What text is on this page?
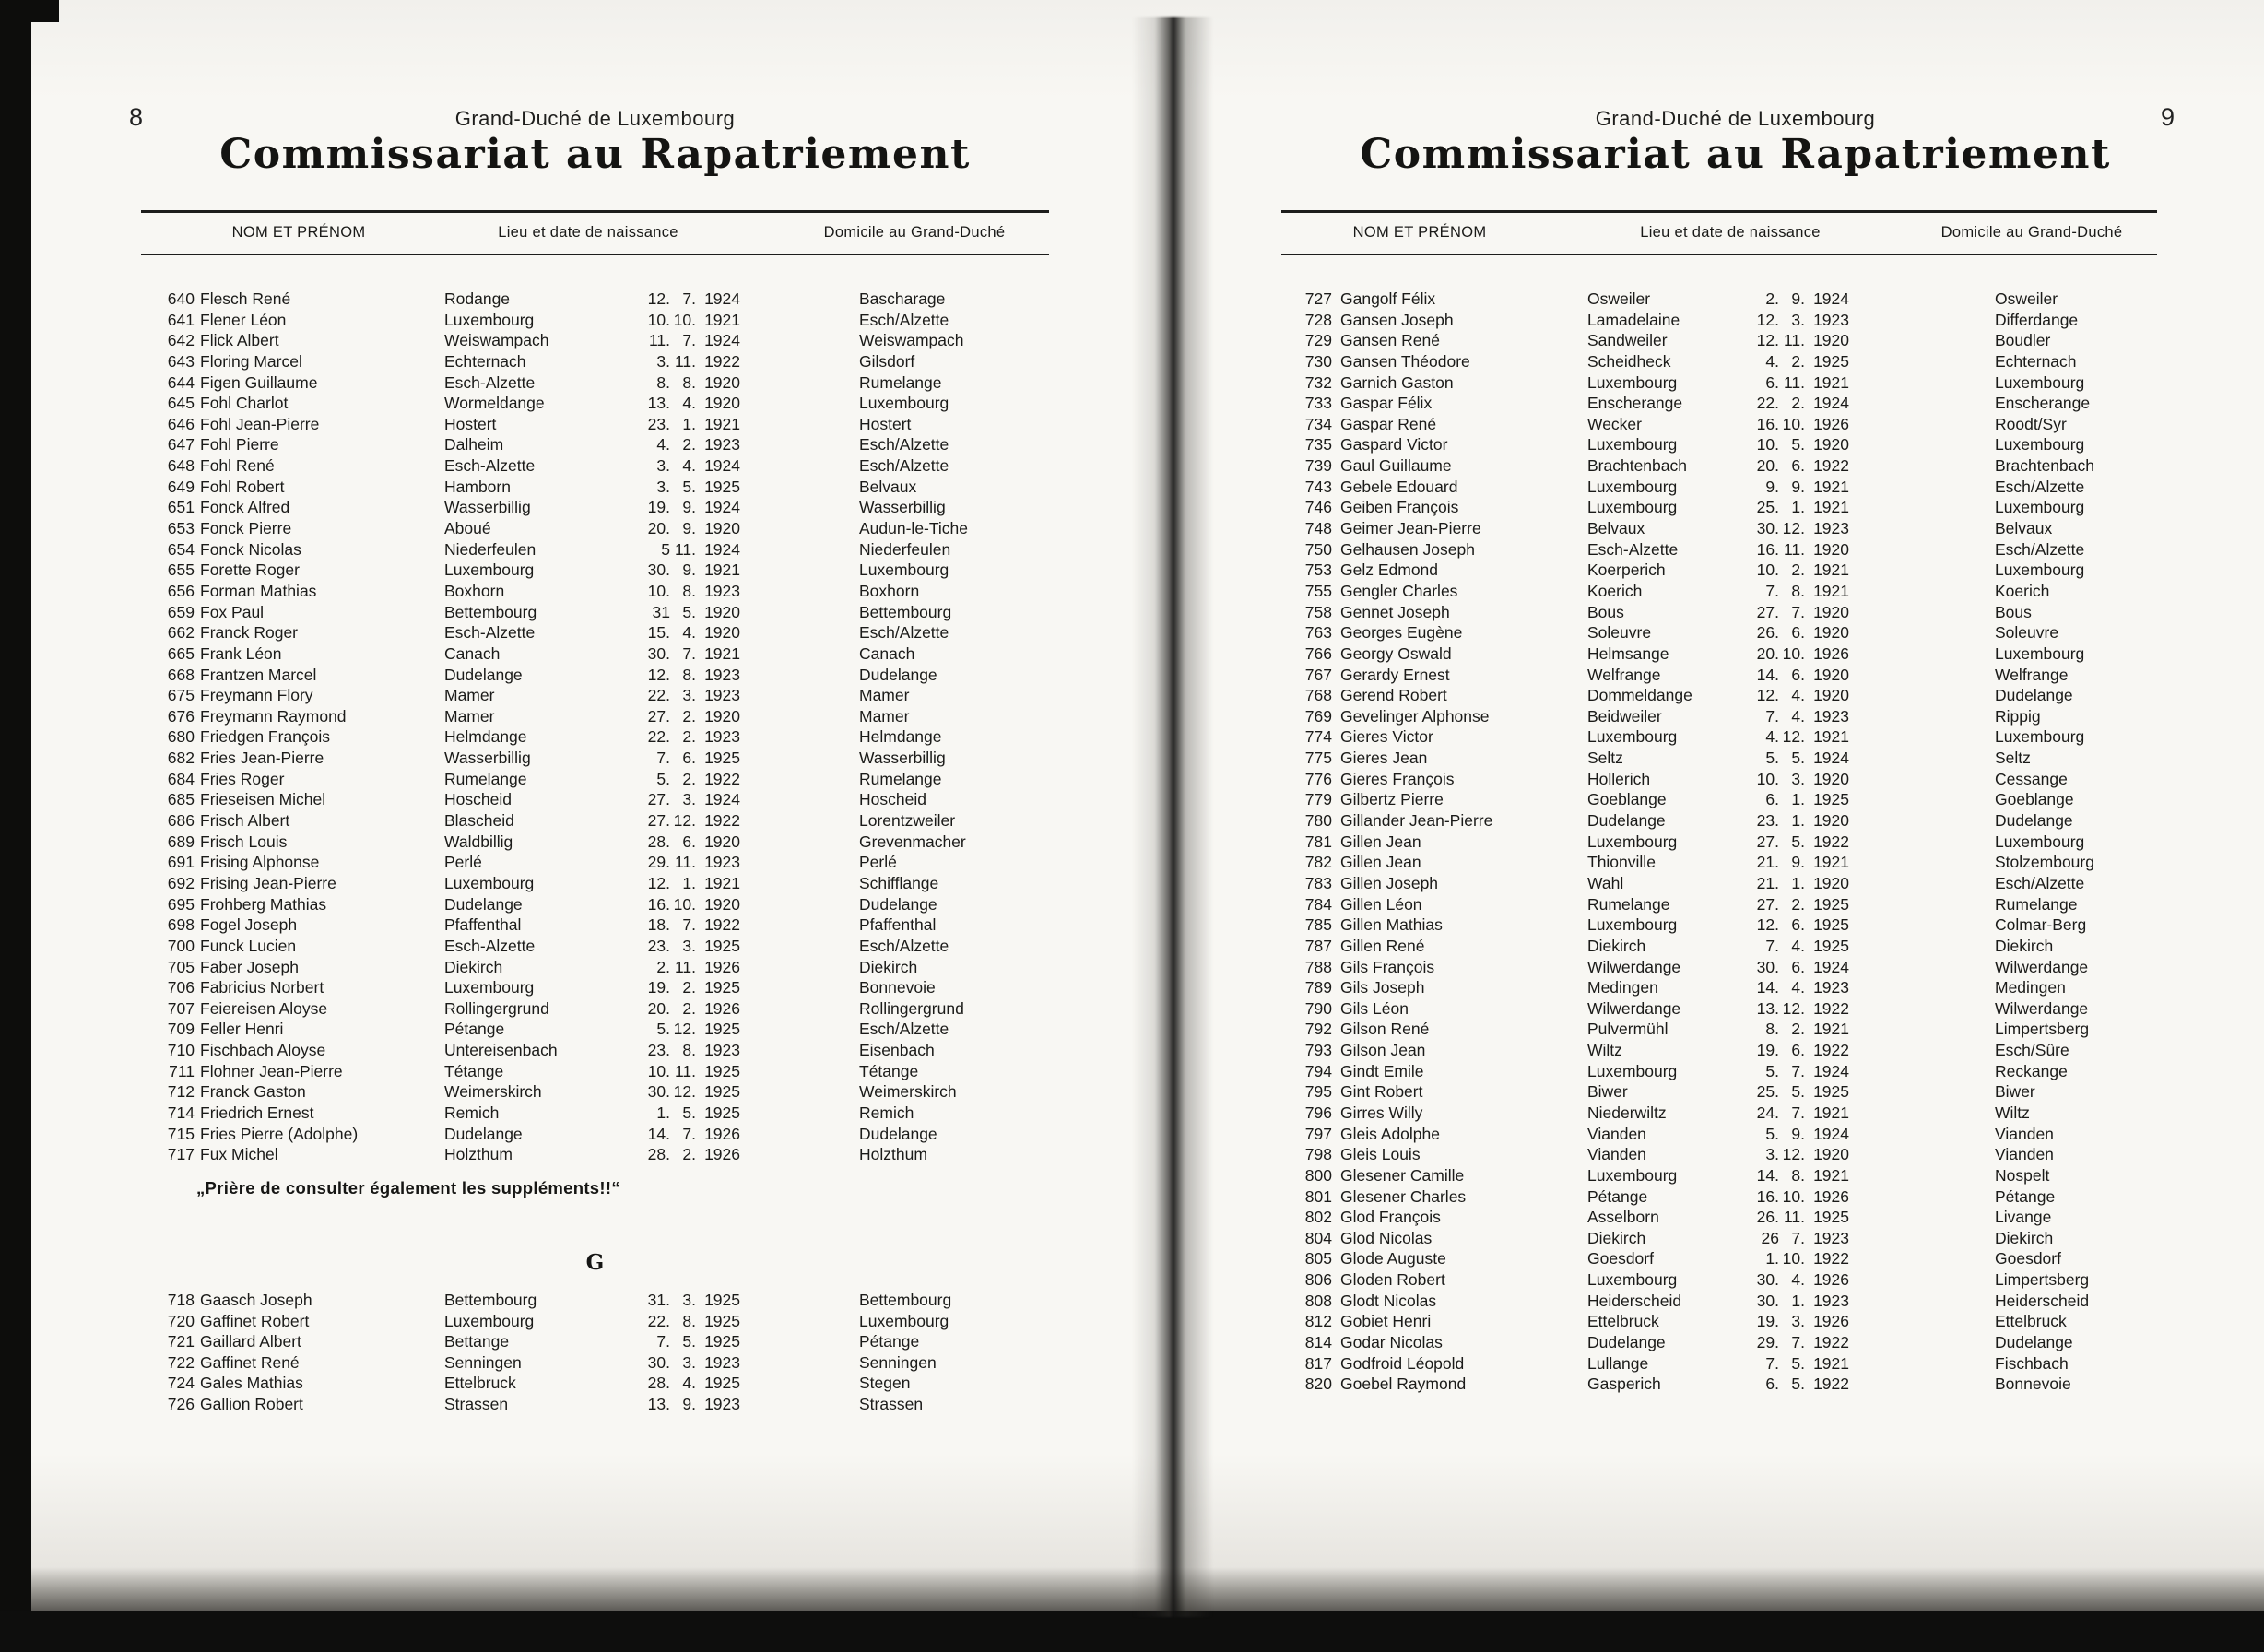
8	Grand-Duché de Luxembourg
Commissariat au Rapatriement
NOM ET PRÉNOM	Lieu et date de naissance	Domicile au Grand-Duché
640 Flesch René	Rodange	12. 7. 1924	Bascharage
641 Flener Léon	Luxembourg	10. 10. 1921	Esch/Alzette
642 Flick Albert	Weiswampach	11. 7. 1924	Weiswampach
643 Floring Marcel	Echternach	3. 11. 1922	Gilsdorf
644 Figen Guillaume	Esch-Alzette	8. 8. 1920	Rumelange
645 Fohl Charlot	Wormeldange	13. 4. 1920	Luxembourg
646 Fohl Jean-Pierre	Hostert	23. 1. 1921	Hostert
647 Fohl Pierre	Dalheim	4. 2. 1923	Esch/Alzette
648 Fohl René	Esch-Alzette	3. 4. 1924	Esch/Alzette
649 Fohl Robert	Hamborn	3. 5. 1925	Belvaux
651 Fonck Alfred	Wasserbillig	19. 9. 1924	Wasserbillig
653 Fonck Pierre	Aboué	20. 9. 1920	Audun-le-Tiche
654 Fonck Nicolas	Niederfeulen	5 11. 1924	Niederfeulen
655 Forette Roger	Luxembourg	30. 9. 1921	Luxembourg
656 Forman Mathias	Boxhorn	10. 8. 1923	Boxhorn
659 Fox Paul	Bettembourg	31 5. 1920	Bettembourg
662 Franck Roger	Esch-Alzette	15. 4. 1920	Esch/Alzette
665 Frank Léon	Canach	30. 7. 1921	Canach
668 Frantzen Marcel	Dudelange	12. 8. 1923	Dudelange
675 Freymann Flory	Mamer	22. 3. 1923	Mamer
676 Freymann Raymond	Mamer	27. 2. 1920	Mamer
680 Friedgen François	Helmdange	22. 2. 1923	Helmdange
682 Fries Jean-Pierre	Wasserbillig	7. 6. 1925	Wasserbillig
684 Fries Roger	Rumelange	5. 2. 1922	Rumelange
685 Frieseisen Michel	Hoscheid	27. 3. 1924	Hoscheid
686 Frisch Albert	Blascheid	27. 12. 1922	Lorentzweiler
689 Frisch Louis	Waldbillig	28. 6. 1920	Grevenmacher
691 Frising Alphonse	Perlé	29. 11. 1923	Perlé
692 Frising Jean-Pierre	Luxembourg	12. 1. 1921	Schifflange
695 Frohberg Mathias	Dudelange	16. 10. 1920	Dudelange
698 Fogel Joseph	Pfaffenthal	18. 7. 1922	Pfaffenthal
700 Funck Lucien	Esch-Alzette	23. 3. 1925	Esch/Alzette
705 Faber Joseph	Diekirch	2. 11. 1926	Diekirch
706 Fabricius Norbert	Luxembourg	19. 2. 1925	Bonnevoie
707 Feiereisen Aloyse	Rollingergrund	20. 2. 1926	Rollingergrund
709 Feller Henri	Pétange	5. 12. 1925	Esch/Alzette
710 Fischbach Aloyse	Untereisenbach	23. 8. 1923	Eisenbach
711 Flohner Jean-Pierre	Tétange	10. 11. 1925	Tétange
712 Franck Gaston	Weimerskirch	30. 12. 1925	Weimerskirch
714 Friedrich Ernest	Remich	1. 5. 1925	Remich
715 Fries Pierre (Adolphe)	Dudelange	14. 7. 1926	Dudelange
717 Fux Michel	Holzthum	28. 2. 1926	Holzthum
„Prière de consulter également les suppléments!!“
G
718 Gaasch Joseph	Bettembourg	31. 3. 1925	Bettembourg
720 Gaffinet Robert	Luxembourg	22. 8. 1925	Luxembourg
721 Gaillard Albert	Bettange	7. 5. 1925	Pétange
722 Gaffinet René	Senningen	30. 3. 1923	Senningen
724 Gales Mathias	Ettelbruck	28. 4. 1925	Stegen
726 Gallion Robert	Strassen	13. 9. 1923	Strassen
9
Grand-Duché de Luxembourg
Commissariat au Rapatriement
NOM ET PRÉNOM	Lieu et date de naissance	Domicile au Grand-Duché
727 Gangolf Félix	Osweiler	2. 9. 1924	Osweiler
728 Gansen Joseph	Lamadelaine	12. 3. 1923	Differdange
729 Gansen René	Sandweiler	12. 11. 1920	Boudler
730 Gansen Théodore	Scheidheck	4. 2. 1925	Echternach
732 Garnich Gaston	Luxembourg	6. 11. 1921	Luxembourg
733 Gaspar Félix	Enscherange	22. 2. 1924	Enscherange
734 Gaspar René	Wecker	16. 10. 1926	Roodt/Syr
735 Gaspard Victor	Luxembourg	10. 5. 1920	Luxembourg
739 Gaul Guillaume	Brachtenbach	20. 6. 1922	Brachtenbach
743 Gebele Edouard	Luxembourg	9. 9. 1921	Esch/Alzette
746 Geiben François	Luxembourg	25. 1. 1921	Luxembourg
748 Geimer Jean-Pierre	Belvaux	30. 12. 1923	Belvaux
750 Gelhausen Joseph	Esch-Alzette	16. 11. 1920	Esch/Alzette
753 Gelz Edmond	Koerperich	10. 2. 1921	Luxembourg
755 Gengler Charles	Koerich	7. 8. 1921	Koerich
758 Gennet Joseph	Bous	27. 7. 1920	Bous
763 Georges Eugène	Soleuvre	26. 6. 1920	Soleuvre
766 Georgy Oswald	Helmsange	20. 10. 1926	Luxembourg
767 Gerardy Ernest	Welfrange	14. 6. 1920	Welfrange
768 Gerend Robert	Dommeldange	12. 4. 1920	Dudelange
769 Gevelinger Alphonse	Beidweiler	7. 4. 1923	Rippig
774 Gieres Victor	Luxembourg	4. 12. 1921	Luxembourg
775 Gieres Jean	Seltz	5. 5. 1924	Seltz
776 Gieres François	Hollerich	10. 3. 1920	Cessange
779 Gilbertz Pierre	Goeblange	6. 1. 1925	Goeblange
780 Gillander Jean-Pierre	Dudelange	23. 1. 1920	Dudelange
781 Gillen Jean	Luxembourg	27. 5. 1922	Luxembourg
782 Gillen Jean	Thionville	21. 9. 1921	Stolzembourg
783 Gillen Joseph	Wahl	21. 1. 1920	Esch/Alzette
784 Gillen Léon	Rumelange	27. 2. 1925	Rumelange
785 Gillen Mathias	Luxembourg	12. 6. 1925	Colmar-Berg
787 Gillen René	Diekirch	7. 4. 1925	Diekirch
788 Gils François	Wilwerdange	30. 6. 1924	Wilwerdange
789 Gils Joseph	Medingen	14. 4. 1923	Medingen
790 Gils Léon	Wilwerdange	13. 12. 1922	Wilwerdange
792 Gilson René	Pulvermühl	8. 2. 1921	Limpertsberg
793 Gilson Jean	Wiltz	19. 6. 1922	Esch/Sûre
794 Gindt Emile	Luxembourg	5. 7. 1924	Reckange
795 Gint Robert	Biwer	25. 5. 1925	Biwer
796 Girres Willy	Niederwiltz	24. 7. 1921	Wiltz
797 Gleis Adolphe	Vianden	5. 9. 1924	Vianden
798 Gleis Louis	Vianden	3. 12. 1920	Vianden
800 Glesener Camille	Luxembourg	14. 8. 1921	Nospelt
801 Glesener Charles	Pétange	16. 10. 1926	Pétange
802 Glod François	Asselborn	26. 11. 1925	Livange
804 Glod Nicolas	Diekirch	26 7. 1923	Diekirch
805 Glode Auguste	Goesdorf	1. 10. 1922	Goesdorf
806 Gloden Robert	Luxembourg	30. 4. 1926	Limpertsberg
808 Glodt Nicolas	Heiderscheid	30. 1. 1923	Heiderscheid
812 Gobiet Henri	Ettelbruck	19. 3. 1926	Ettelbruck
814 Godar Nicolas	Dudelange	29. 7. 1922	Dudelange
817 Godfroid Léopold	Lullange	7. 5. 1921	Fischbach
820 Goebel Raymond	Gasperich	6. 5. 1922	Bonnevoie
